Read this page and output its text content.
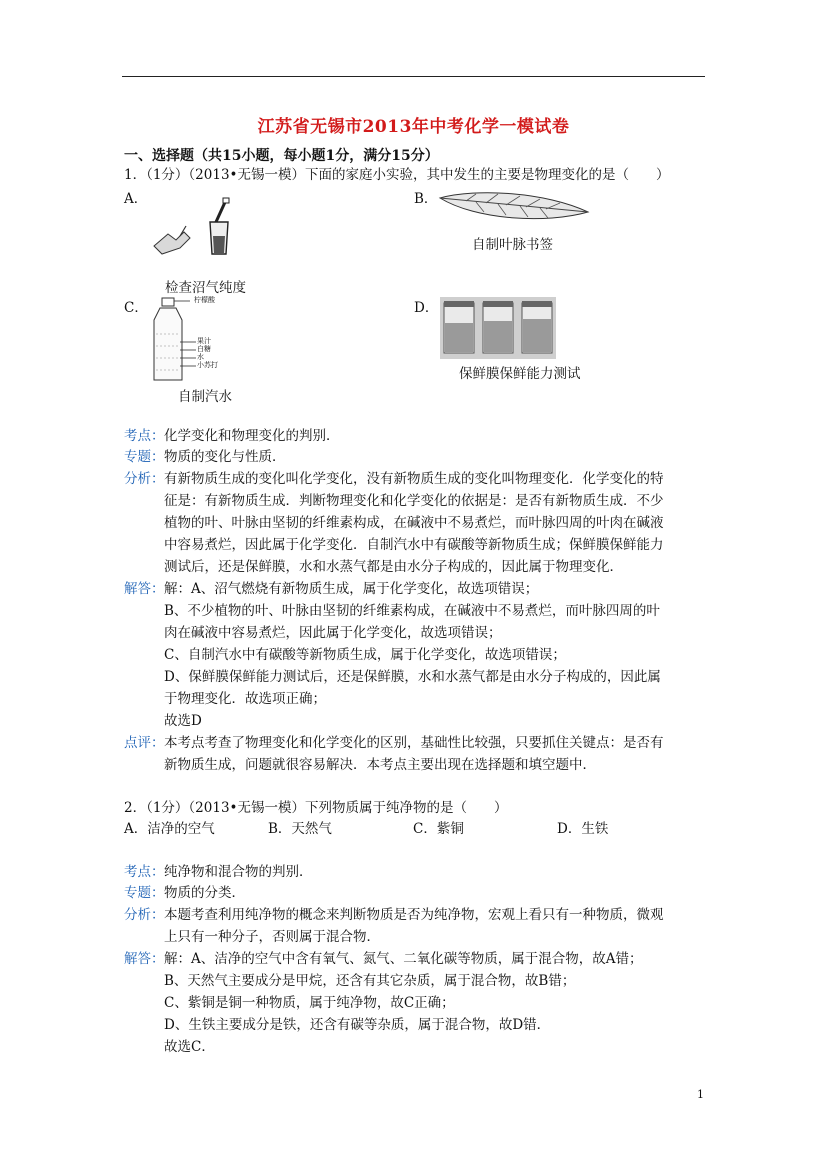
江苏省无锡市2013年中考化学一模试卷
一、选择题（共15小题，每小题1分，满分15分）
1．（1分）（2013•无锡一模）下面的家庭小实验，其中发生的主要是物理变化的是（　　）
A．
检查沼气纯度
B．
自制叶脉书签
C．	柠檬酸
果汁
白糖
水
小苏打
自制汽水
D．
保鲜膜保鲜能力测试
考点： 化学变化和物理变化的判别．
专题： 物质的变化与性质．
分析： 有新物质生成的变化叫化学变化，没有新物质生成的变化叫物理变化．化学变化的特
征是：有新物质生成．判断物理变化和化学变化的依据是：是否有新物质生成．不少
植物的叶、叶脉由坚韧的纤维素构成，在碱液中不易煮烂，而叶脉四周的叶肉在碱液
中容易煮烂，因此属于化学变化．自制汽水中有碳酸等新物质生成；保鲜膜保鲜能力
测试后，还是保鲜膜，水和水蒸气都是由水分子构成的，因此属于物理变化．
解答： 解：A、沼气燃烧有新物质生成，属于化学变化，故选项错误；
B、不少植物的叶、叶脉由坚韧的纤维素构成，在碱液中不易煮烂，而叶脉四周的叶
肉在碱液中容易煮烂，因此属于化学变化，故选项错误；
C、自制汽水中有碳酸等新物质生成，属于化学变化，故选项错误；
D、保鲜膜保鲜能力测试后，还是保鲜膜，水和水蒸气都是由水分子构成的，因此属
于物理变化．故选项正确；
故选D
点评： 本考点考查了物理变化和化学变化的区别，基础性比较强，只要抓住关键点：是否有
新物质生成，问题就很容易解决．本考点主要出现在选择题和填空题中．
2．（1分）（2013•无锡一模）下列物质属于纯净物的是（　　）
A．洁净的空气	B．天然气	C．紫铜	D．生铁
考点： 纯净物和混合物的判别．
专题： 物质的分类．
分析： 本题考查利用纯净物的概念来判断物质是否为纯净物，宏观上看只有一种物质，微观
上只有一种分子，否则属于混合物．
解答： 解：A、洁净的空气中含有氧气、氮气、二氧化碳等物质，属于混合物，故A错；
B、天然气主要成分是甲烷，还含有其它杂质，属于混合物，故B错；
C、紫铜是铜一种物质，属于纯净物，故C正确；
D、生铁主要成分是铁，还含有碳等杂质，属于混合物，故D错．
故选C．
1
